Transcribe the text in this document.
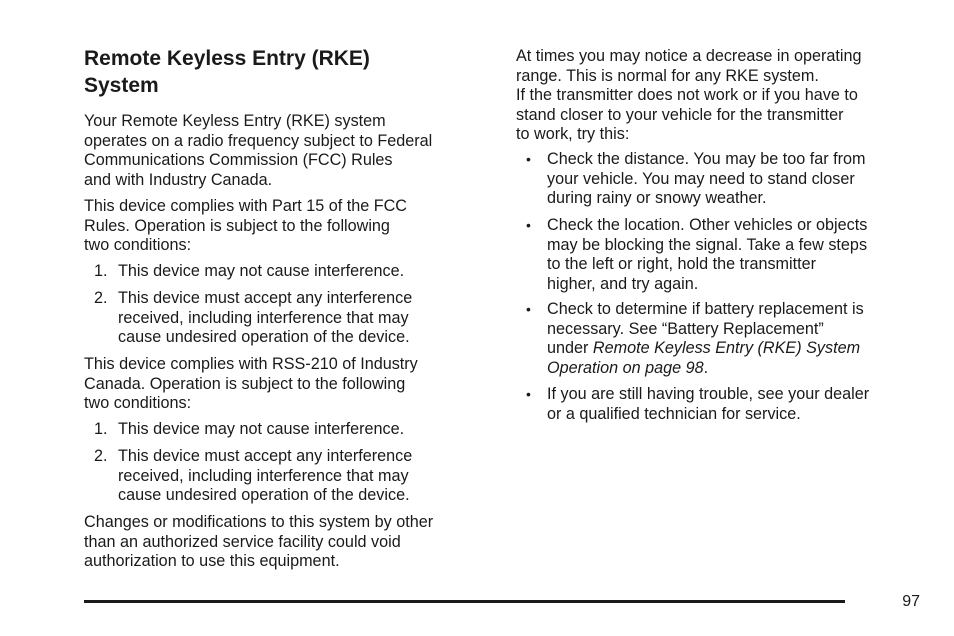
Remote Keyless Entry (RKE)
System

Your Remote Keyless Entry (RKE) system
operates on a radio frequency subject to Federal
Communications Commission (FCC) Rules
and with Industry Canada.

This device complies with Part 15 of the FCC
Rules. Operation is subject to the following
two conditions:

1. This device may not cause interference.

2. This device must accept any interference
received, including interference that may
cause undesired operation of the device.

This device complies with RSS-210 of Industry
Canada. Operation is subject to the following
two conditions:

1. This device may not cause interference.

2. This device must accept any interference
received, including interference that may
cause undesired operation of the device.

Changes or modifications to this system by other
than an authorized service facility could void
authorization to use this equipment.

At times you may notice a decrease in operating
range. This is normal for any RKE system.

If the transmitter does not work or if you have to
stand closer to your vehicle for the transmitter
to work, try this:

• Check the distance. You may be too far from
your vehicle. You may need to stand closer
during rainy or snowy weather.

• Check the location. Other vehicles or objects
may be blocking the signal. Take a few steps
to the left or right, hold the transmitter
higher, and try again.

• Check to determine if battery replacement is
necessary. See “Battery Replacement”
under Remote Keyless Entry (RKE) System
Operation on page 98.

• If you are still having trouble, see your dealer
or a qualified technician for service.

97
